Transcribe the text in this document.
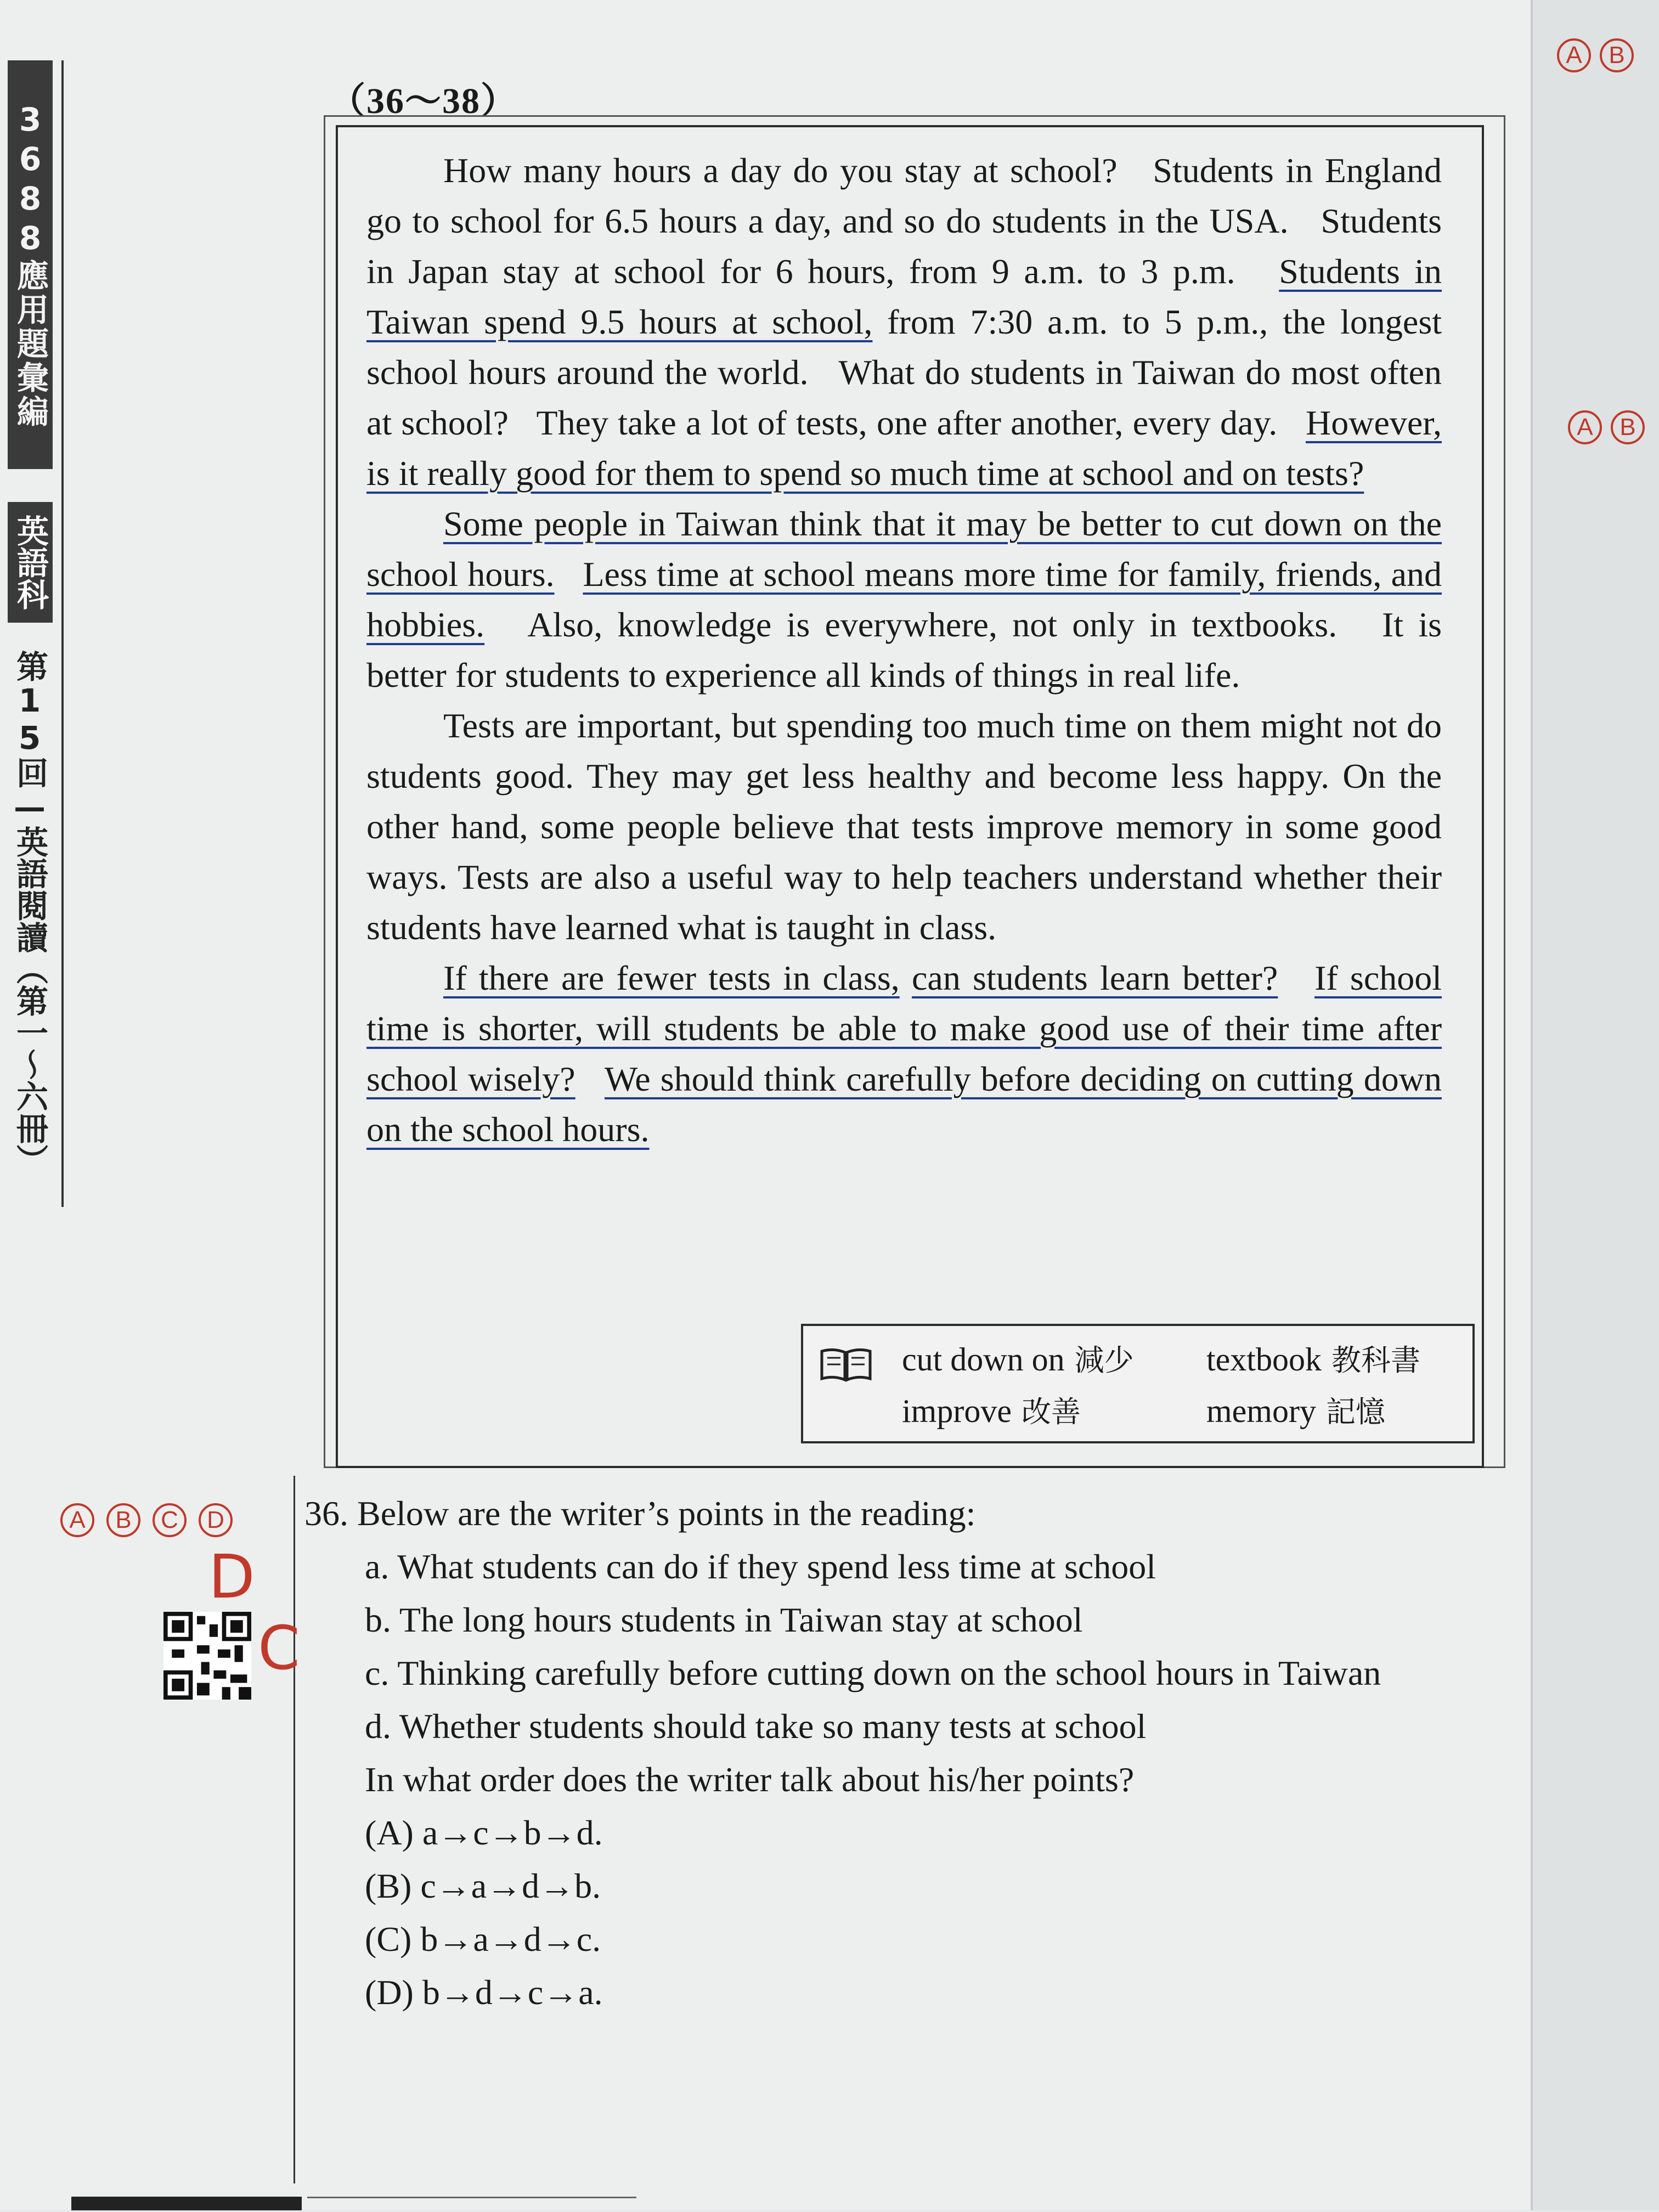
3688應用題彙編
英語科
第15回—英語閱讀（第一～六冊）
A	B
A	B
（36～38）

How many hours a day do you stay at school? Students in England go to school for 6.5 hours a day, and so do students in the USA. Students in Japan stay at school for 6 hours, from 9 a.m. to 3 p.m. Students in Taiwan spend 9.5 hours at school, from 7:30 a.m. to 5 p.m., the longest school hours around the world. What do students in Taiwan do most often at school? They take a lot of tests, one after another, every day. However, is it really good for them to spend so much time at school and on tests?

Some people in Taiwan think that it may be better to cut down on the school hours. Less time at school means more time for family, friends, and hobbies. Also, knowledge is everywhere, not only in textbooks. It is better for students to experience all kinds of things in real life.

Tests are important, but spending too much time on them might not do students good. They may get less healthy and become less happy. On the other hand, some people believe that tests improve memory in some good ways. Tests are also a useful way to help teachers understand whether their students have learned what is taught in class.

If there are fewer tests in class, can students learn better? If school time is shorter, will students be able to make good use of their time after school wisely? We should think carefully before deciding on cutting down on the school hours.

cut down on 減少	textbook 教科書
improve 改善	memory 記憶
A	B	C	D
D
C
36. Below are the writer’s points in the reading:
a. What students can do if they spend less time at school
b. The long hours students in Taiwan stay at school
c. Thinking carefully before cutting down on the school hours in Taiwan
d. Whether students should take so many tests at school
In what order does the writer talk about his/her points?
(A) a→c→b→d.
(B) c→a→d→b.
(C) b→a→d→c.
(D) b→d→c→a.
